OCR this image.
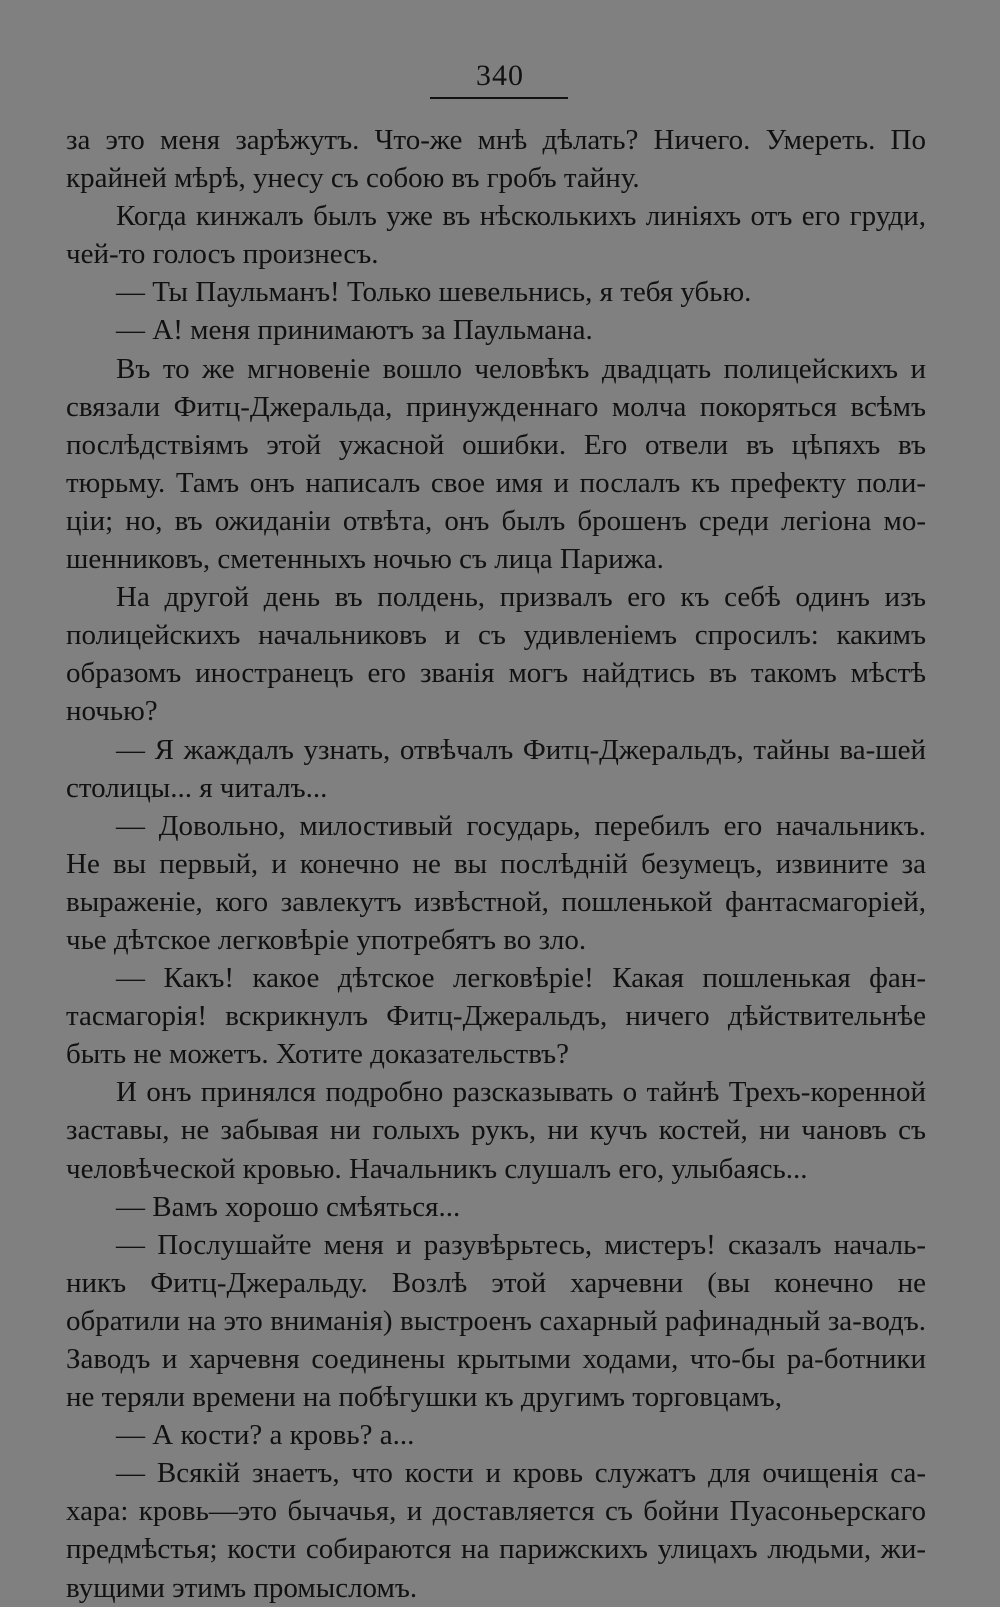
340

за это меня зарѣжутъ. Что-же мнѣ дѣлать? Ничего. Умереть. По крайней мѣрѣ, унесу съ собою въ гробъ тайну.

Когда кинжалъ былъ уже въ нѣсколькихъ линіяхъ отъ его груди, чей-то голосъ произнесъ.

— Ты Паульманъ! Только шевельнись, я тебя убью.

— А! меня принимаютъ за Паульмана.

Въ то же мгновеніе вошло человѣкъ двадцать полицейскихъ и связали Фитц-Джеральда, принужденнаго молча покоряться всѣмъ послѣдствіямъ этой ужасной ошибки. Его отвели въ цѣпяхъ въ тюрьму. Тамъ онъ написалъ свое имя и послалъ къ префекту поли-ціи; но, въ ожиданіи отвѣта, онъ былъ брошенъ среди легіона мо-шенниковъ, сметенныхъ ночью съ лица Парижа.

На другой день въ полдень, призвалъ его къ себѣ одинъ изъ полицейскихъ начальниковъ и съ удивленіемъ спросилъ: какимъ образомъ иностранецъ его званія могъ найдтись въ такомъ мѣстѣ ночью?

— Я жаждалъ узнать, отвѣчалъ Фитц-Джеральдъ, тайны ва-шей столицы... я читалъ...

— Довольно, милостивый государь, перебилъ его начальникъ. Не вы первый, и конечно не вы послѣдній безумецъ, извините за выраженіе, кого завлекутъ извѣстной, пошленькой фантасмагоріей, чье дѣтское легковѣріе употребятъ во зло.

— Какъ! какое дѣтское легковѣріе! Какая пошленькая фан-тасмагорія! вскрикнулъ Фитц-Джеральдъ, ничего дѣйствительнѣе быть не можетъ. Хотите доказательствъ?

И онъ принялся подробно разсказывать о тайнѣ Трехъ-коренной заставы, не забывая ни голыхъ рукъ, ни кучъ костей, ни чановъ съ человѣческой кровью. Начальникъ слушалъ его, улыбаясь...

— Вамъ хорошо смѣяться...

— Послушайте меня и разувѣрьтесь, мистеръ! сказалъ началь-никъ Фитц-Джеральду. Возлѣ этой харчевни (вы конечно не обратили на это вниманія) выстроенъ сахарный рафинадный за-водъ. Заводъ и харчевня соединены крытыми ходами, что-бы ра-ботники не теряли времени на побѣгушки къ другимъ торговцамъ,

— А кости? а кровь? а...

— Всякій знаетъ, что кости и кровь служатъ для очищенія са-хара: кровь—это бычачья, и доставляется съ бойни Пуасоньерскаго предмѣстья; кости собираются на парижскихъ улицахъ людьми, жи-вущими этимъ промысломъ.
